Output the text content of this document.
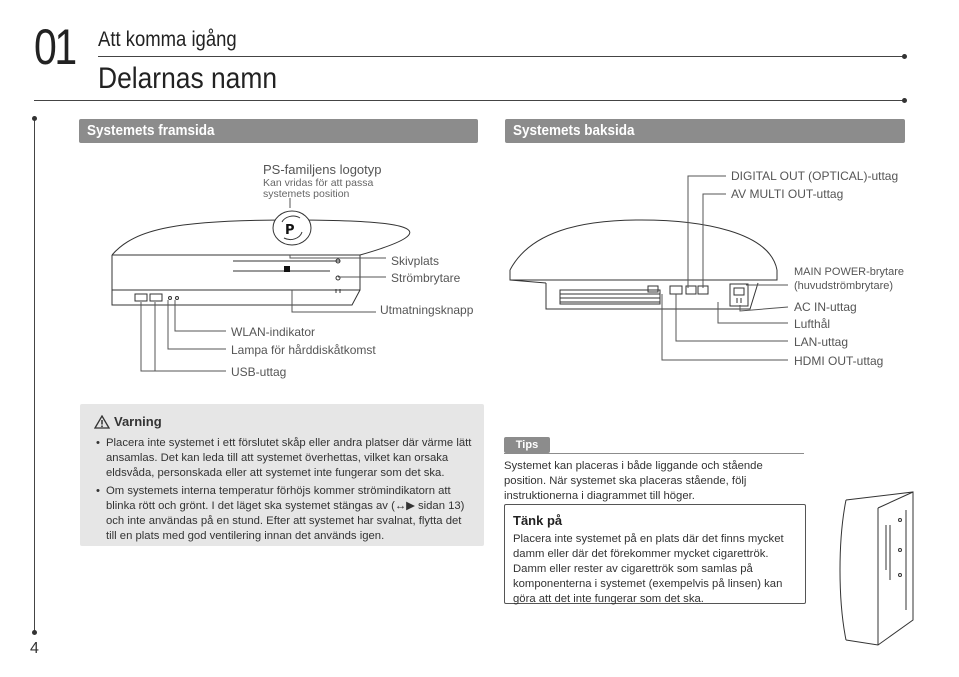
01 Att komma igång
Delarnas namn
Systemets framsida	Systemets baksida
PS-familjens logotyp
Kan vridas för att passa systemets position
Skivplats
Strömbrytare
Utmatningsknapp
WLAN-indikator
Lampa för hårddiskåtkomst
USB-uttag
DIGITAL OUT (OPTICAL)-uttag
AV MULTI OUT-uttag
MAIN POWER-brytare
(huvudströmbrytare)
AC IN-uttag
Lufthål
LAN-uttag
HDMI OUT-uttag
P
Varning
• Placera inte systemet i ett förslutet skåp eller andra platser där värme lätt ansamlas. Det kan leda till att systemet överhettas, vilket kan orsaka eldsvåda, personskada eller att systemet inte fungerar som det ska.
• Om systemets interna temperatur förhöjs kommer strömindikatorn att blinka rött och grönt. I det läget ska systemet stängas av (↔▶ sidan 13) och inte användas på en stund. Efter att systemet har svalnat, flytta det till en plats med god ventilering innan det används igen.
Tips
Systemet kan placeras i både liggande och stående position. När systemet ska placeras stående, följ instruktionerna i diagrammet till höger.
Tänk på
Placera inte systemet på en plats där det finns mycket damm eller där det förekommer mycket cigarettrök. Damm eller rester av cigarettrök som samlas på komponenterna i systemet (exempelvis på linsen) kan göra att det inte fungerar som det ska.
4
